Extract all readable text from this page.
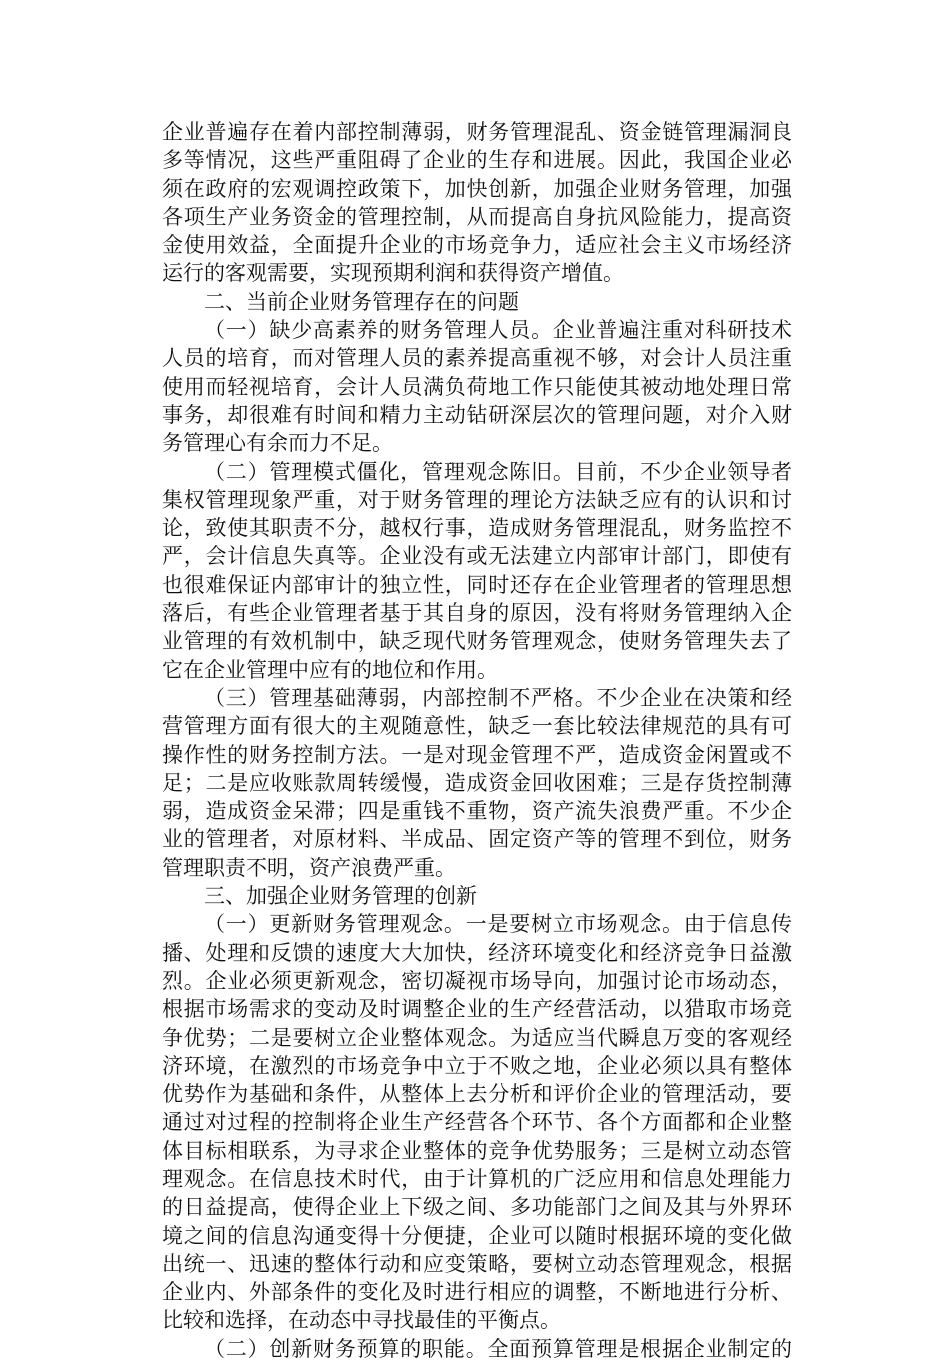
企业普遍存在着内部控制薄弱，财务管理混乱、资金链管理漏洞良
多等情况，这些严重阻碍了企业的生存和进展。因此，我国企业必
须在政府的宏观调控政策下，加快创新，加强企业财务管理，加强
各项生产业务资金的管理控制，从而提高自身抗风险能力，提高资
金使用效益，全面提升企业的市场竞争力，适应社会主义市场经济
运行的客观需要，实现预期利润和获得资产增值。
二、当前企业财务管理存在的问题
（一）缺少高素养的财务管理人员。企业普遍注重对科研技术
人员的培育，而对管理人员的素养提高重视不够，对会计人员注重
使用而轻视培育，会计人员满负荷地工作只能使其被动地处理日常
事务，却很难有时间和精力主动钻研深层次的管理问题，对介入财
务管理心有余而力不足。
（二）管理模式僵化，管理观念陈旧。目前，不少企业领导者
集权管理现象严重，对于财务管理的理论方法缺乏应有的认识和讨
论，致使其职责不分，越权行事，造成财务管理混乱，财务监控不
严，会计信息失真等。企业没有或无法建立内部审计部门，即使有
也很难保证内部审计的独立性，同时还存在企业管理者的管理思想
落后，有些企业管理者基于其自身的原因，没有将财务管理纳入企
业管理的有效机制中，缺乏现代财务管理观念，使财务管理失去了
它在企业管理中应有的地位和作用。
（三）管理基础薄弱，内部控制不严格。不少企业在决策和经
营管理方面有很大的主观随意性，缺乏一套比较法律规范的具有可
操作性的财务控制方法。一是对现金管理不严，造成资金闲置或不
足；二是应收账款周转缓慢，造成资金回收困难；三是存货控制薄
弱，造成资金呆滞；四是重钱不重物，资产流失浪费严重。不少企
业的管理者，对原材料、半成品、固定资产等的管理不到位，财务
管理职责不明，资产浪费严重。
三、加强企业财务管理的创新
（一）更新财务管理观念。一是要树立市场观念。由于信息传
播、处理和反馈的速度大大加快，经济环境变化和经济竞争日益激
烈。企业必须更新观念，密切凝视市场导向，加强讨论市场动态，
根据市场需求的变动及时调整企业的生产经营活动，以猎取市场竞
争优势；二是要树立企业整体观念。为适应当代瞬息万变的客观经
济环境，在激烈的市场竞争中立于不败之地，企业必须以具有整体
优势作为基础和条件，从整体上去分析和评价企业的管理活动，要
通过对过程的控制将企业生产经营各个环节、各个方面都和企业整
体目标相联系，为寻求企业整体的竞争优势服务；三是树立动态管
理观念。在信息技术时代，由于计算机的广泛应用和信息处理能力
的日益提高，使得企业上下级之间、多功能部门之间及其与外界环
境之间的信息沟通变得十分便捷，企业可以随时根据环境的变化做
出统一、迅速的整体行动和应变策略，要树立动态管理观念，根据
企业内、外部条件的变化及时进行相应的调整，不断地进行分析、
比较和选择，在动态中寻找最佳的平衡点。
（二）创新财务预算的职能。全面预算管理是根据企业制定的
